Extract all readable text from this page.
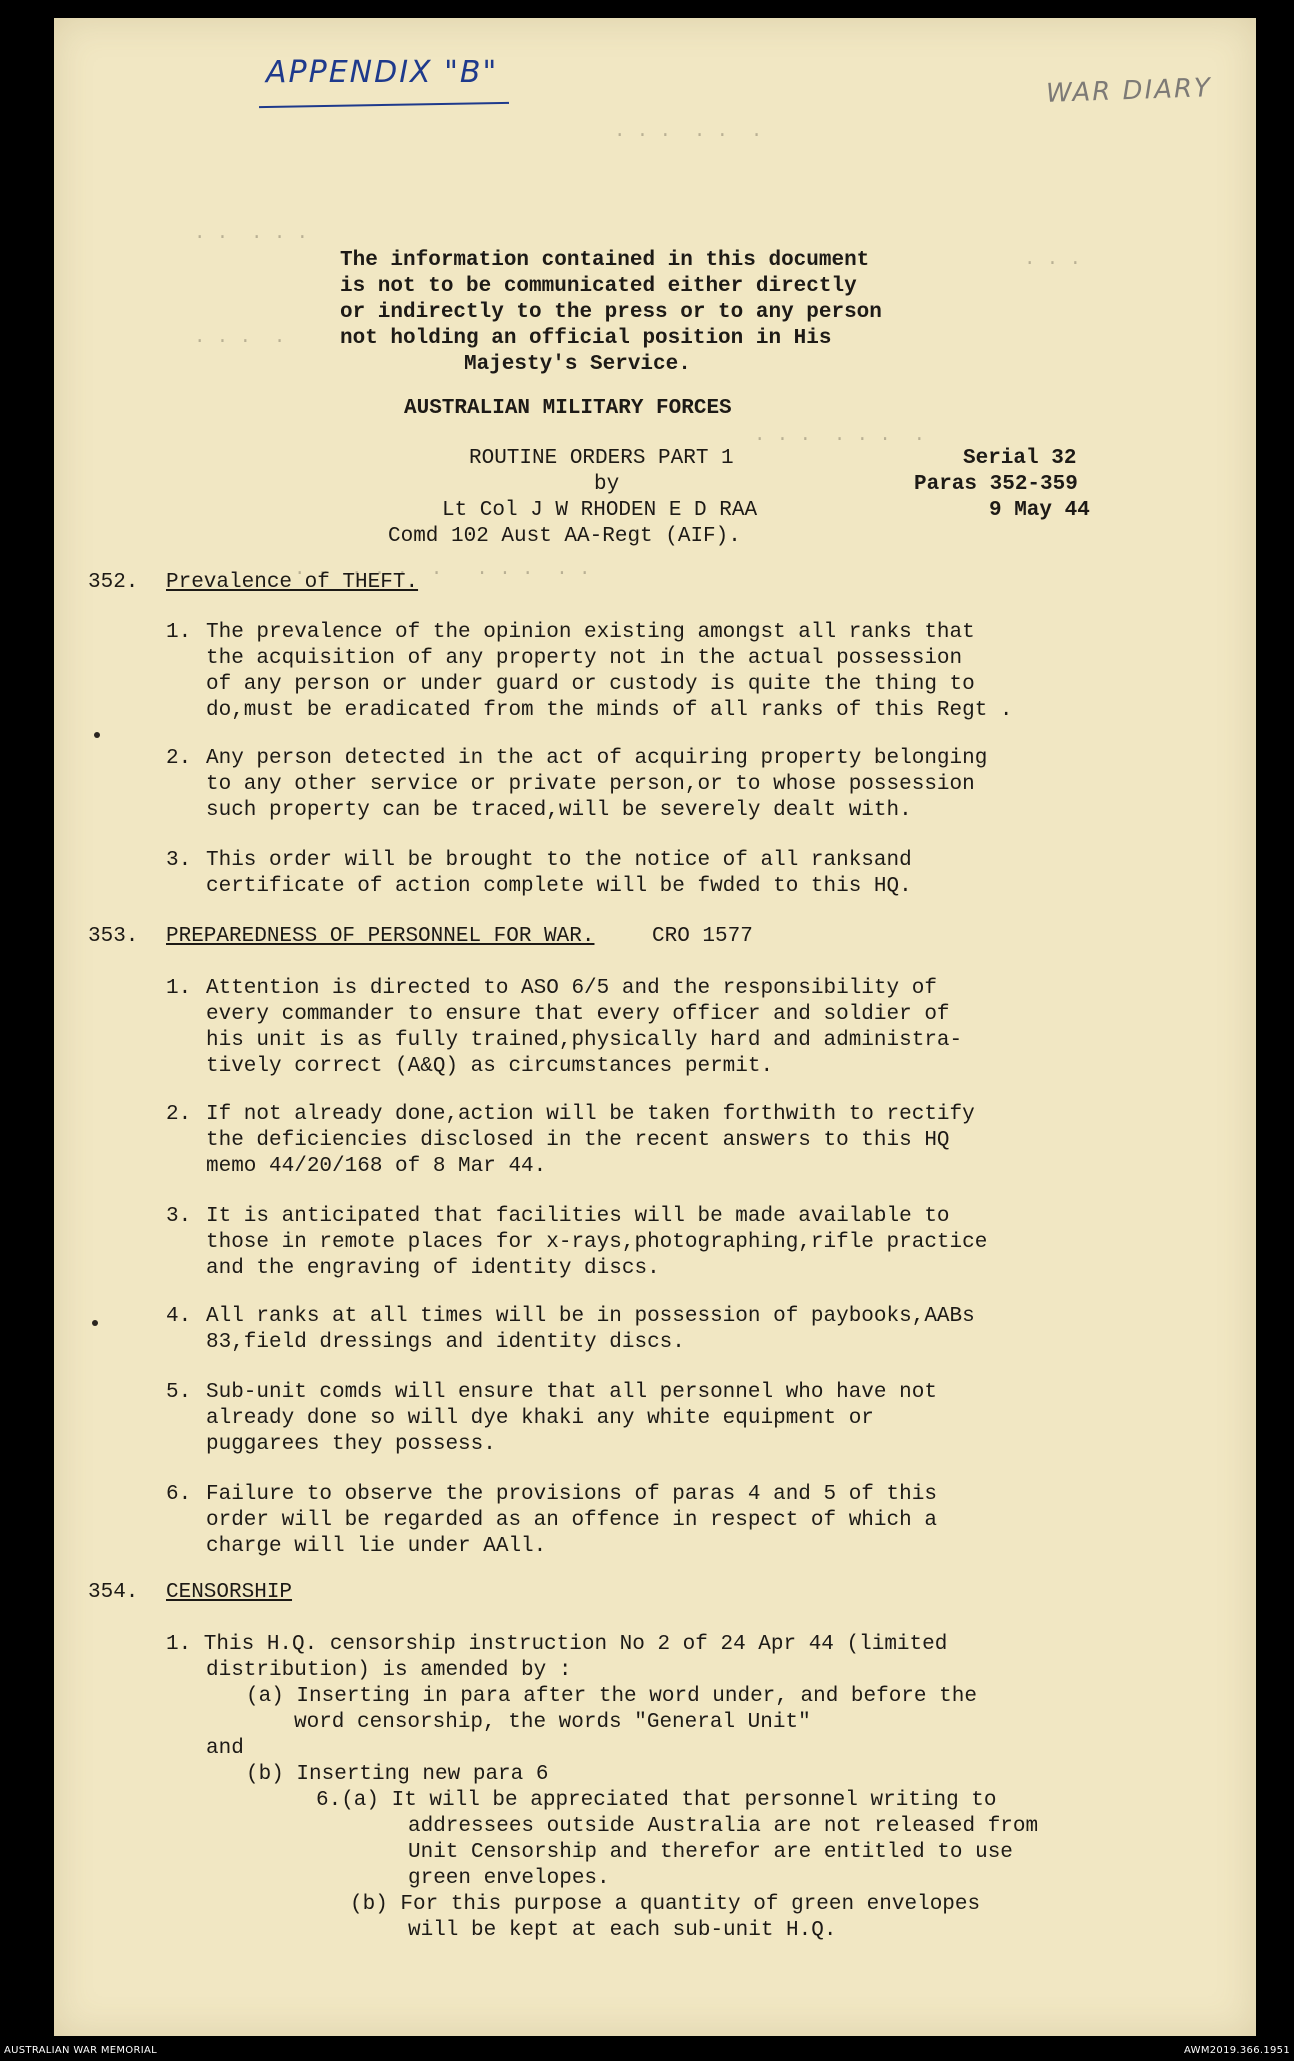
APPENDIX "B"
WAR DIARY
. . .  . .  .
. .  . . .
. . .
. . .  .
. . .  . . .  .
. .  . . .  .   . . .  . .
The information contained in this document
is not to be communicated either directly
or indirectly to the press or to any person
not holding an official position in His
Majesty's Service.
AUSTRALIAN MILITARY FORCES
ROUTINE ORDERS PART 1
by
Lt Col J W RHODEN E D RAA
Comd 102 Aust AA-Regt (AIF).
Serial 32
Paras 352-359
9 May 44
352. Prevalence of THEFT.
1. The prevalence of the opinion existing amongst all ranks that
the acquisition of any property not in the actual possession
of any person or under guard or custody is quite the thing to
do,must be eradicated from the minds of all ranks of this Regt .
2. Any person detected in the act of acquiring property belonging
to any other service or private person,or to whose possession
such property can be traced,will be severely dealt with.
3. This order will be brought to the notice of all ranksand
certificate of action complete will be fwded to this HQ.
353. PREPAREDNESS OF PERSONNEL FOR WAR.	CRO 1577
1. Attention is directed to ASO 6/5 and the responsibility of
every commander to ensure that every officer and soldier of
his unit is as fully trained,physically hard and administra-
tively correct (A&Q) as circumstances permit.
2. If not already done,action will be taken forthwith to rectify
the deficiencies disclosed in the recent answers to this HQ
memo 44/20/168 of 8 Mar 44.
3. It is anticipated that facilities will be made available to
those in remote places for x-rays,photographing,rifle practice
and the engraving of identity discs.
4. All ranks at all times will be in possession of paybooks,AABs
83,field dressings and identity discs.
5. Sub-unit comds will ensure that all personnel who have not
already done so will dye khaki any white equipment or
puggarees they possess.
6. Failure to observe the provisions of paras 4 and 5 of this
order will be regarded as an offence in respect of which a
charge will lie under AAll.
354. CENSORSHIP
1. This H.Q. censorship instruction No 2 of 24 Apr 44 (limited
distribution) is amended by :
(a) Inserting in para after the word under, and before the
word censorship, the words "General Unit"
and
(b) Inserting new para 6
6.(a) It will be appreciated that personnel writing to
addressees outside Australia are not released from
Unit Censorship and therefor are entitled to use
green envelopes.
(b) For this purpose a quantity of green envelopes
will be kept at each sub-unit H.Q.
AUSTRALIAN WAR MEMORIAL	AWM2019.366.1951
